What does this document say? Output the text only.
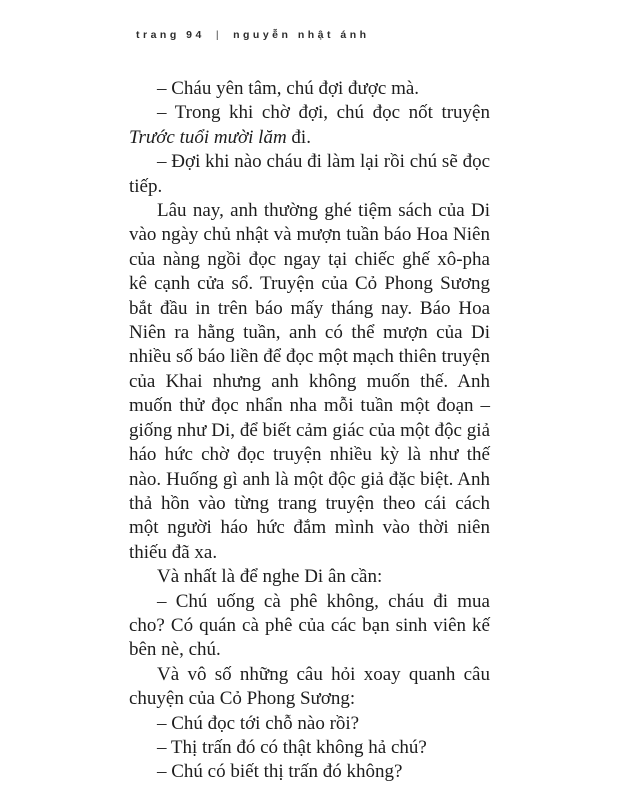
trang 94 | nguyễn nhật ánh

– Cháu yên tâm, chú đợi được mà.

– Trong khi chờ đợi, chú đọc nốt truyện Trước tuổi mười lăm đi.

– Đợi khi nào cháu đi làm lại rồi chú sẽ đọc tiếp.

Lâu nay, anh thường ghé tiệm sách của Di vào ngày chủ nhật và mượn tuần báo Hoa Niên của nàng ngồi đọc ngay tại chiếc ghế xô-pha kê cạnh cửa sổ. Truyện của Cỏ Phong Sương bắt đầu in trên báo mấy tháng nay. Báo Hoa Niên ra hằng tuần, anh có thể mượn của Di nhiều số báo liền để đọc một mạch thiên truyện của Khai nhưng anh không muốn thế. Anh muốn thử đọc nhẩn nha mỗi tuần một đoạn – giống như Di, để biết cảm giác của một độc giả háo hức chờ đọc truyện nhiều kỳ là như thế nào. Huống gì anh là một độc giả đặc biệt. Anh thả hồn vào từng trang truyện theo cái cách một người háo hức đắm mình vào thời niên thiếu đã xa.

Và nhất là để nghe Di ân cần:

– Chú uống cà phê không, cháu đi mua cho? Có quán cà phê của các bạn sinh viên kế bên nè, chú.

Và vô số những câu hỏi xoay quanh câu chuyện của Cỏ Phong Sương:

– Chú đọc tới chỗ nào rồi?

– Thị trấn đó có thật không hả chú?

– Chú có biết thị trấn đó không?
